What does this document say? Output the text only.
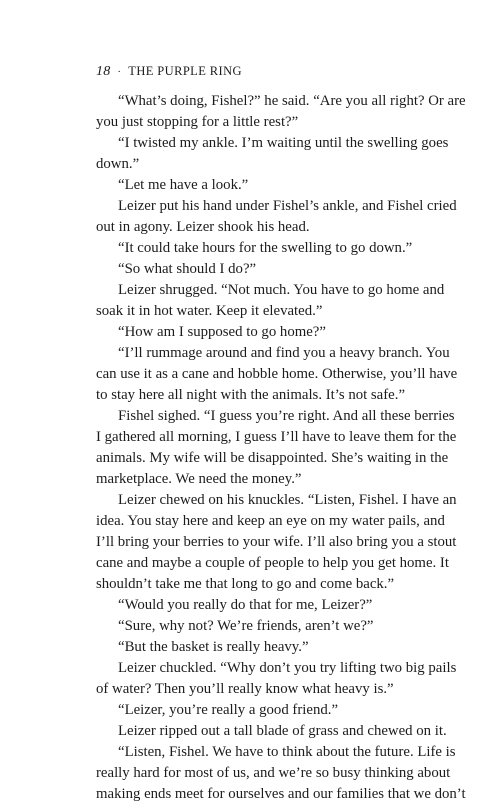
18 · THE PURPLE RING
“What’s doing, Fishel?” he said. “Are you all right? Or are
you just stopping for a little rest?”
“I twisted my ankle. I’m waiting until the swelling goes
down.”
“Let me have a look.”
Leizer put his hand under Fishel’s ankle, and Fishel cried
out in agony. Leizer shook his head.
“It could take hours for the swelling to go down.”
“So what should I do?”
Leizer shrugged. “Not much. You have to go home and
soak it in hot water. Keep it elevated.”
“How am I supposed to go home?”
“I’ll rummage around and find you a heavy branch. You
can use it as a cane and hobble home. Otherwise, you’ll have
to stay here all night with the animals. It’s not safe.”
Fishel sighed. “I guess you’re right. And all these berries
I gathered all morning, I guess I’ll have to leave them for the
animals. My wife will be disappointed. She’s waiting in the
marketplace. We need the money.”
Leizer chewed on his knuckles. “Listen, Fishel. I have an
idea. You stay here and keep an eye on my water pails, and
I’ll bring your berries to your wife. I’ll also bring you a stout
cane and maybe a couple of people to help you get home. It
shouldn’t take me that long to go and come back.”
“Would you really do that for me, Leizer?”
“Sure, why not? We’re friends, aren’t we?”
“But the basket is really heavy.”
Leizer chuckled. “Why don’t you try lifting two big pails
of water? Then you’ll really know what heavy is.”
“Leizer, you’re really a good friend.”
Leizer ripped out a tall blade of grass and chewed on it.
“Listen, Fishel. We have to think about the future. Life is
really hard for most of us, and we’re so busy thinking about
making ends meet for ourselves and our families that we don’t
